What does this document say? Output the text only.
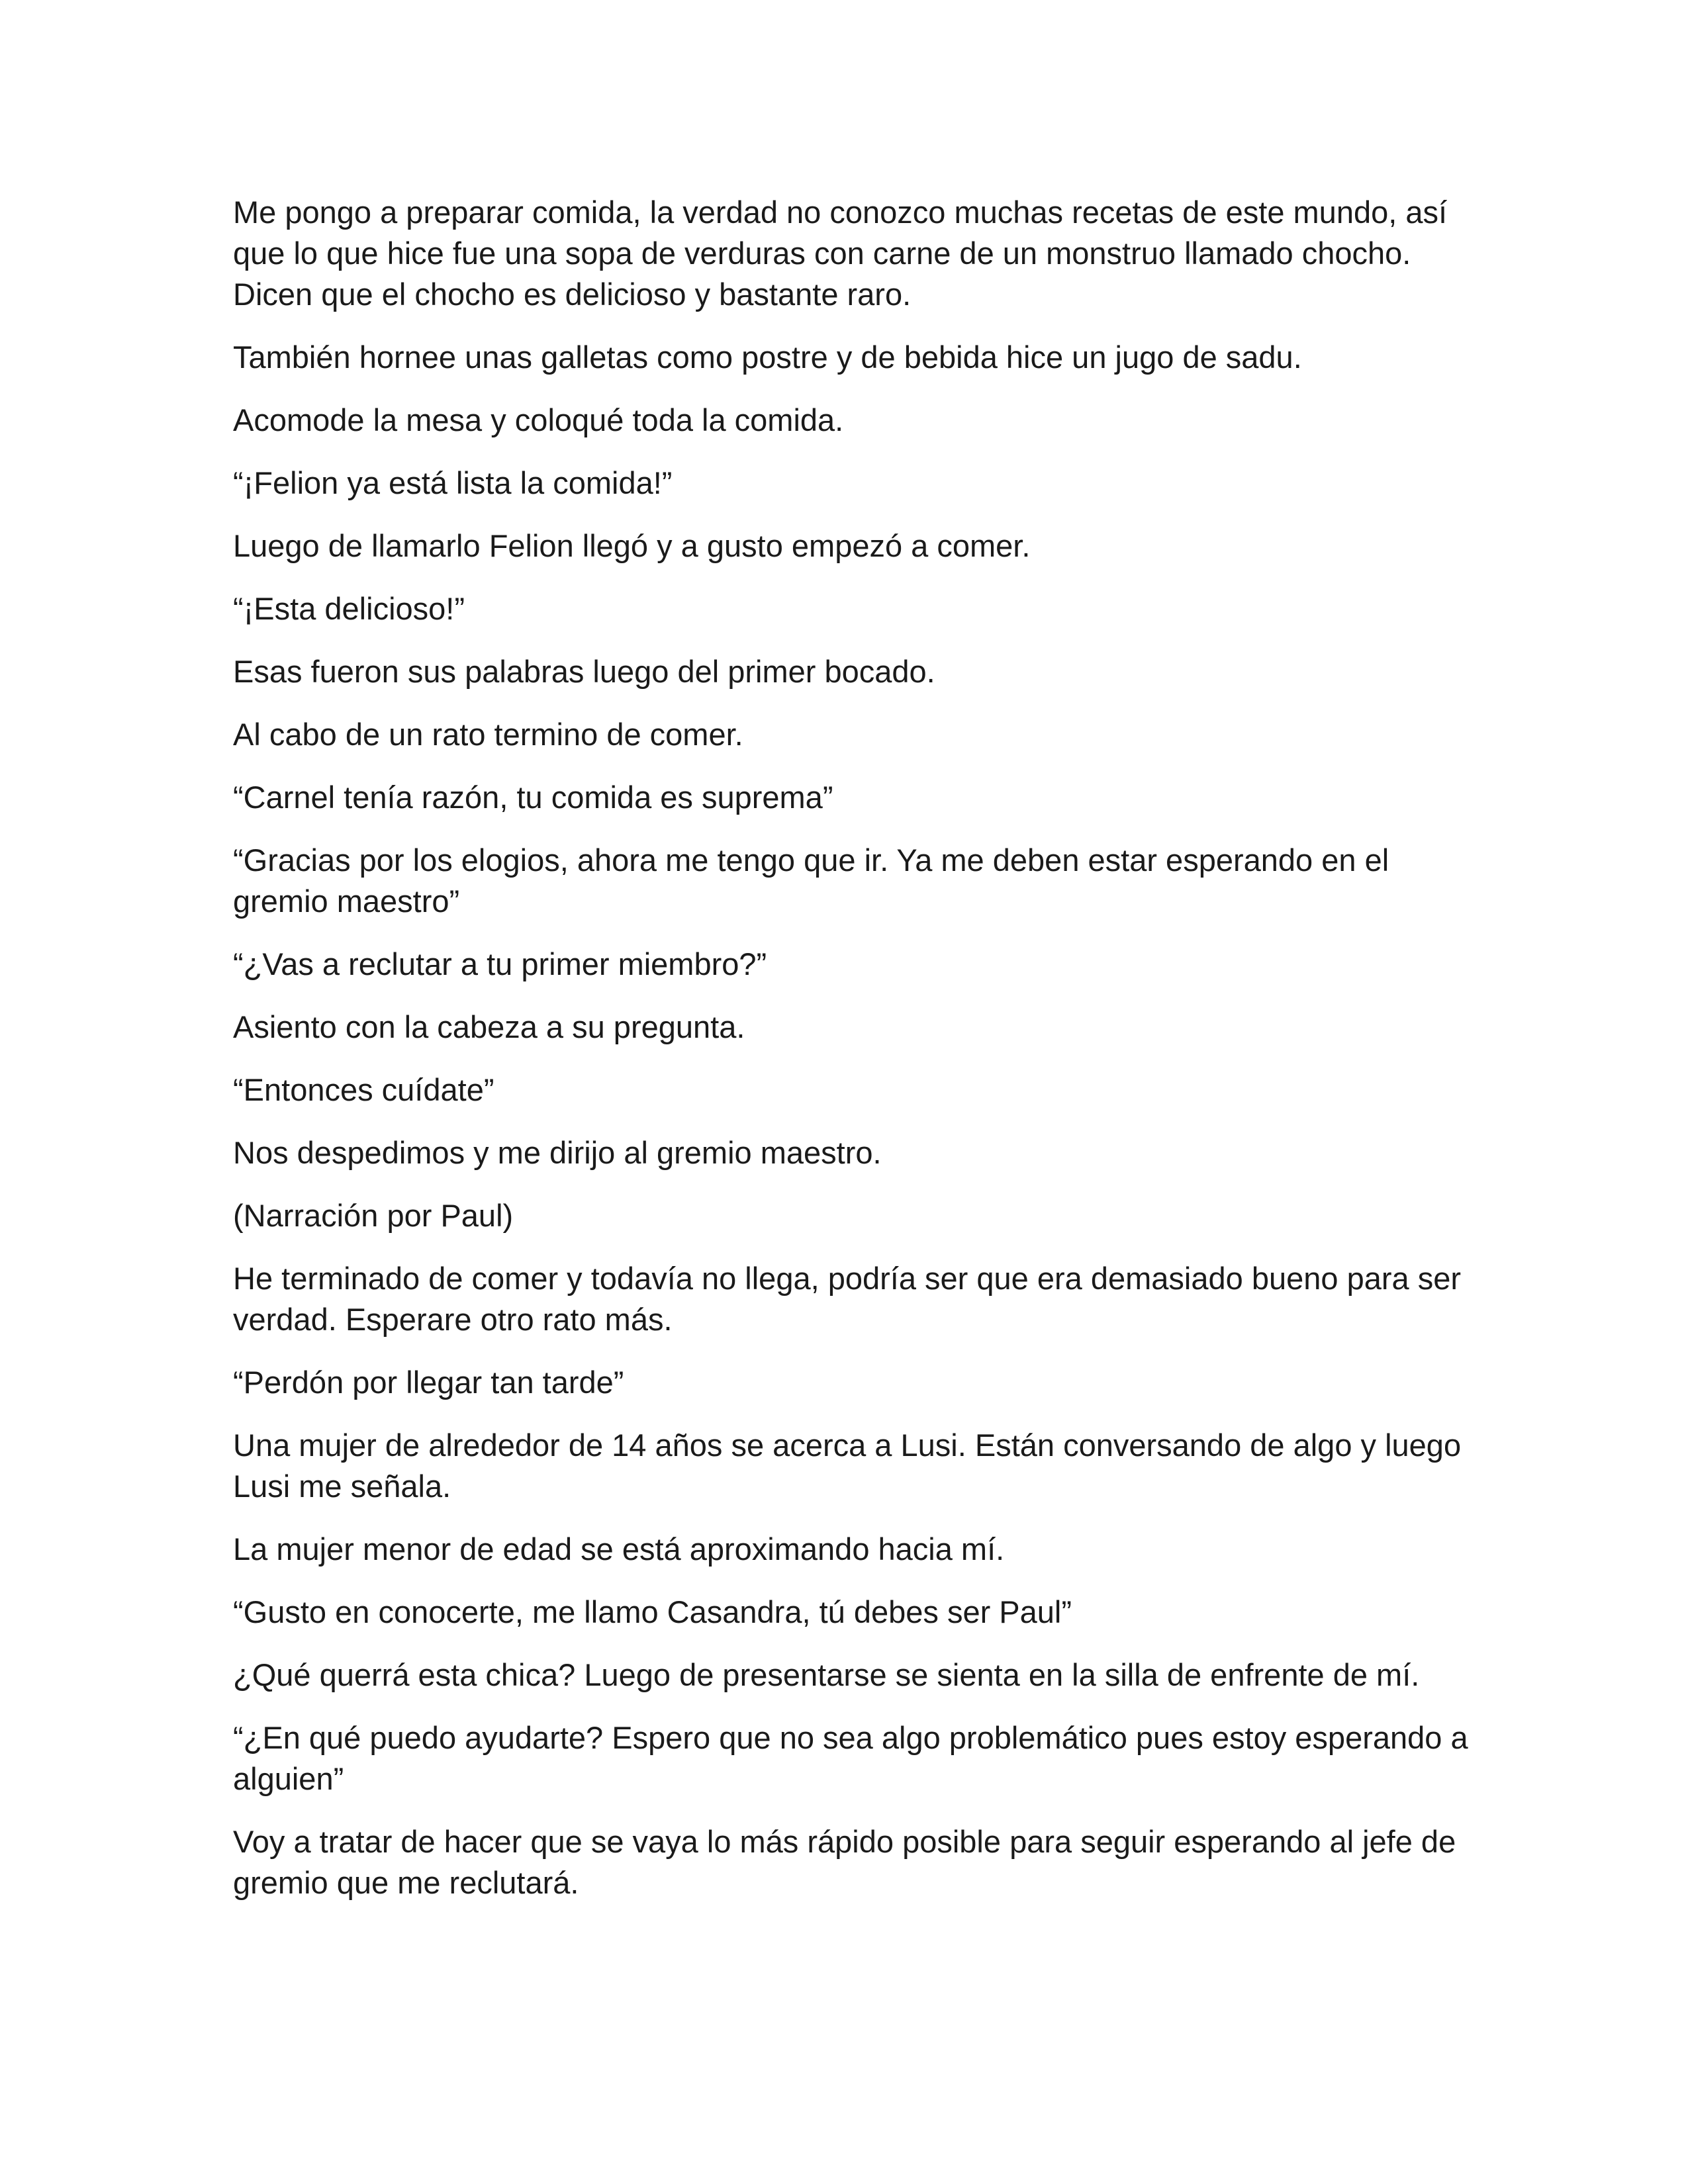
Me pongo a preparar comida, la verdad no conozco muchas recetas de este mundo, así que lo que hice fue una sopa de verduras con carne de un monstruo llamado chocho. Dicen que el chocho es delicioso y bastante raro.

También hornee unas galletas como postre y de bebida hice un jugo de sadu.

Acomode la mesa y coloqué toda la comida.

“¡Felion ya está lista la comida!”

Luego de llamarlo Felion llegó y a gusto empezó a comer.

“¡Esta delicioso!”

Esas fueron sus palabras luego del primer bocado.

Al cabo de un rato termino de comer.

“Carnel tenía razón, tu comida es suprema”

“Gracias por los elogios, ahora me tengo que ir. Ya me deben estar esperando en el gremio maestro”

“¿Vas a reclutar a tu primer miembro?”

Asiento con la cabeza a su pregunta.

“Entonces cuídate”

Nos despedimos y me dirijo al gremio maestro.

(Narración por Paul)

He terminado de comer y todavía no llega, podría ser que era demasiado bueno para ser verdad. Esperare otro rato más.

“Perdón por llegar tan tarde”

Una mujer de alrededor de 14 años se acerca a Lusi. Están conversando de algo y luego Lusi me señala.

La mujer menor de edad se está aproximando hacia mí.

“Gusto en conocerte, me llamo Casandra, tú debes ser Paul”

¿Qué querrá esta chica? Luego de presentarse se sienta en la silla de enfrente de mí.

“¿En qué puedo ayudarte? Espero que no sea algo problemático pues estoy esperando a alguien”

Voy a tratar de hacer que se vaya lo más rápido posible para seguir esperando al jefe de gremio que me reclutará.
